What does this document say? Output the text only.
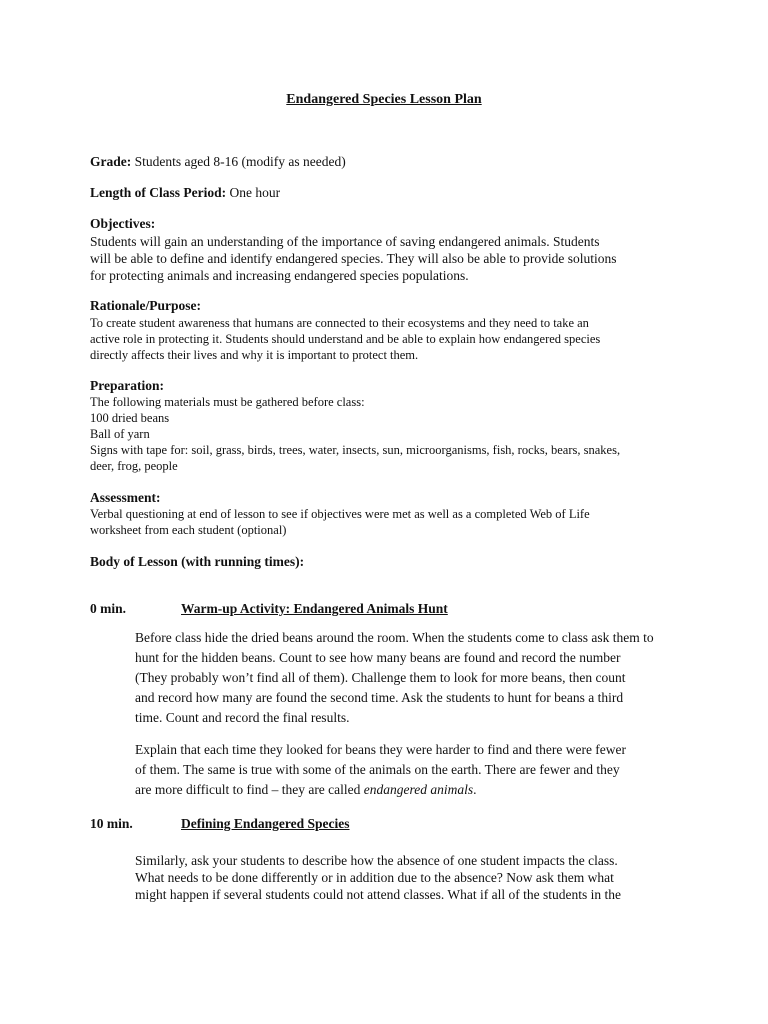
Endangered Species Lesson Plan
Grade: Students aged 8-16 (modify as needed)
Length of Class Period: One hour
Objectives:
Students will gain an understanding of the importance of saving endangered animals. Students
will be able to define and identify endangered species. They will also be able to provide solutions
for protecting animals and increasing endangered species populations.
Rationale/Purpose:
To create student awareness that humans are connected to their ecosystems and they need to take an
active role in protecting it. Students should understand and be able to explain how endangered species
directly affects their lives and why it is important to protect them.
Preparation:
The following materials must be gathered before class:
100 dried beans
Ball of yarn
Signs with tape for: soil, grass, birds, trees, water, insects, sun, microorganisms, fish, rocks, bears, snakes,
deer, frog, people
Assessment:
Verbal questioning at end of lesson to see if objectives were met as well as a completed Web of Life
worksheet from each student (optional)
Body of Lesson (with running times):
0 min.	Warm-up Activity: Endangered Animals Hunt
Before class hide the dried beans around the room. When the students come to class ask them to
hunt for the hidden beans. Count to see how many beans are found and record the number
(They probably won’t find all of them). Challenge them to look for more beans, then count
and record how many are found the second time. Ask the students to hunt for beans a third
time. Count and record the final results.
Explain that each time they looked for beans they were harder to find and there were fewer
of them. The same is true with some of the animals on the earth. There are fewer and they
are more difficult to find – they are called endangered animals.
10 min.	Defining Endangered Species
Similarly, ask your students to describe how the absence of one student impacts the class.
What needs to be done differently or in addition due to the absence? Now ask them what
might happen if several students could not attend classes. What if all of the students in the
